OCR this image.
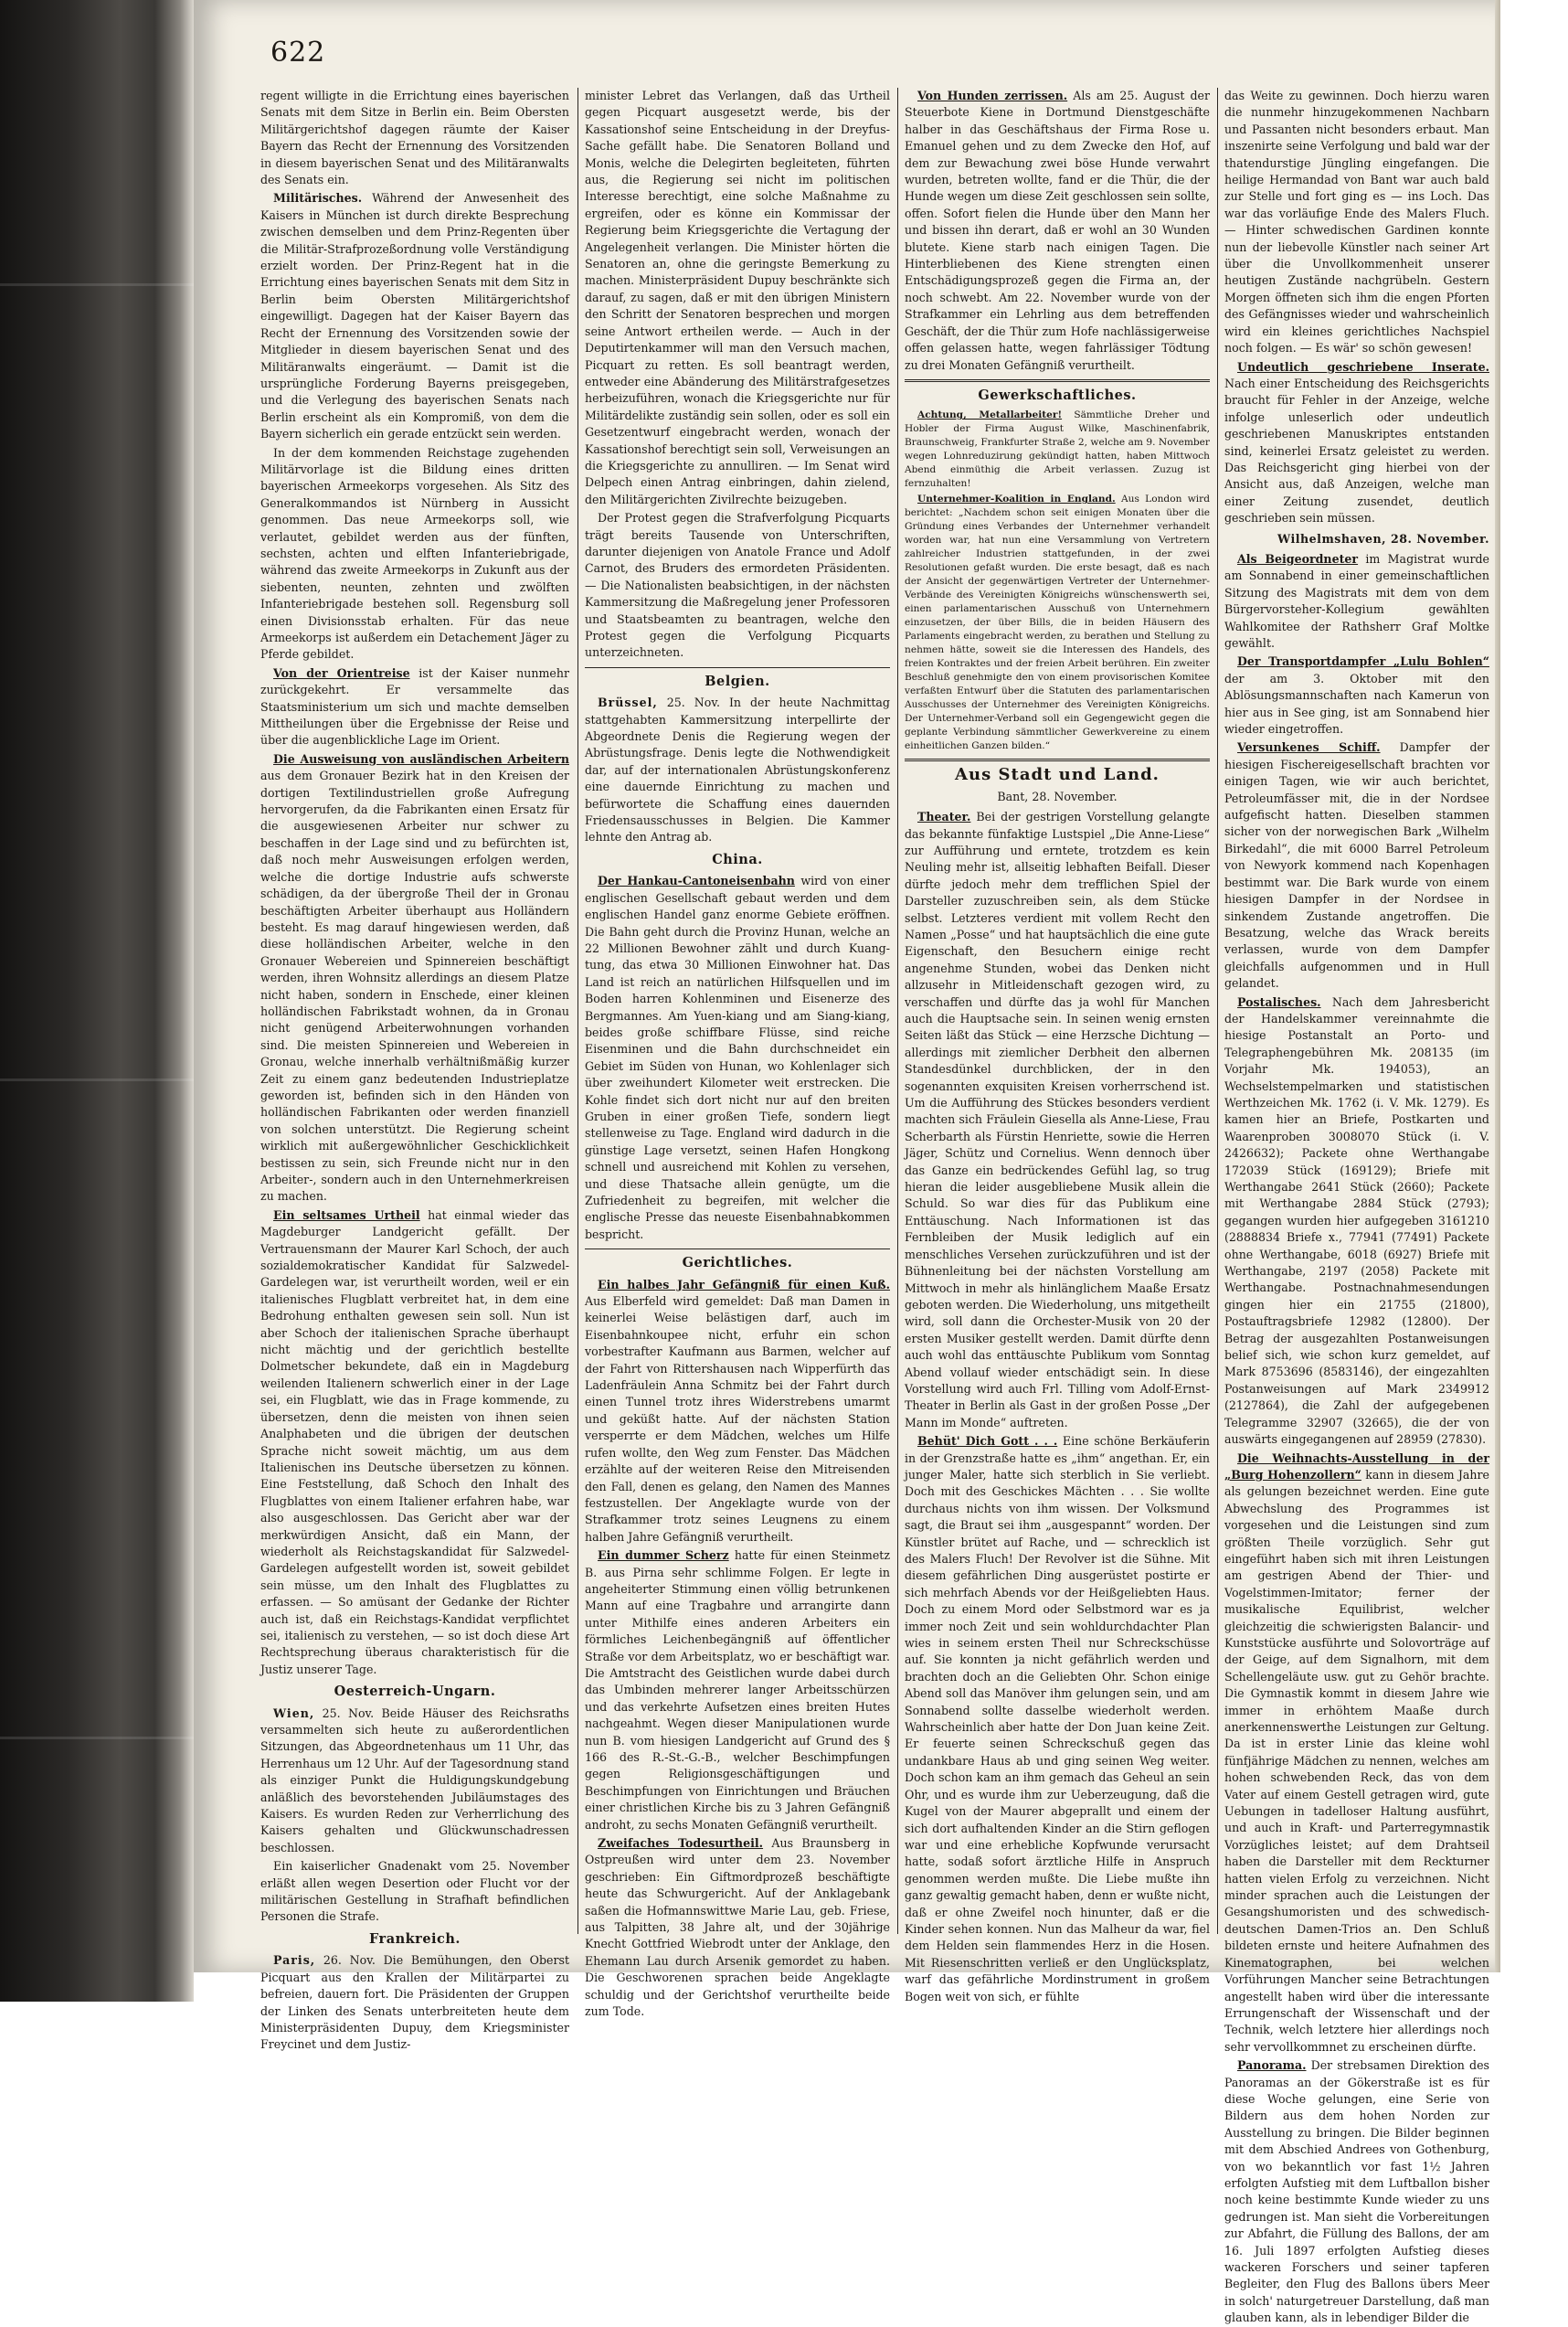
622

regent willigte in die Errichtung eines bayerischen Senats mit dem Sitze in Berlin ein. Beim Obersten Militärgerichtshof dagegen räumte der Kaiser Bayern das Recht der Ernennung des Vorsitzenden in diesem bayerischen Senat und des Militäranwalts des Senats ein.

Militärisches. Während der Anwesenheit des Kaisers in München ist durch direkte Besprechung zwischen demselben und dem Prinz-Regenten über die Militär-Strafprozeßordnung volle Verständigung erzielt worden. Der Prinz-Regent hat in die Errichtung eines bayerischen Senats mit dem Sitz in Berlin beim Obersten Militärgerichtshof eingewilligt. Dagegen hat der Kaiser Bayern das Recht der Ernennung des Vorsitzenden sowie der Mitglieder in diesem bayerischen Senat und des Militäranwalts eingeräumt. — Damit ist die ursprüngliche Forderung Bayerns preisgegeben, und die Verlegung des bayerischen Senats nach Berlin erscheint als ein Kompromiß, von dem die Bayern sicherlich ein gerade entzückt sein werden.

In der dem kommenden Reichstage zugehenden Militärvorlage ist die Bildung eines dritten bayerischen Armeekorps vorgesehen. Als Sitz des Generalkommandos ist Nürnberg in Aussicht genommen. Das neue Armeekorps soll, wie verlautet, gebildet werden aus der fünften, sechsten, achten und elften Infanteriebrigade, während das zweite Armeekorps in Zukunft aus der siebenten, neunten, zehnten und zwölften Infanteriebrigade bestehen soll. Regensburg soll einen Divisionsstab erhalten. Für das neue Armeekorps ist außerdem ein Detachement Jäger zu Pferde gebildet.

Von der Orientreise ist der Kaiser nunmehr zurückgekehrt. Er versammelte das Staatsministerium um sich und machte demselben Mittheilungen über die Ergebnisse der Reise und über die augenblickliche Lage im Orient.

Die Ausweisung von ausländischen Arbeitern aus dem Gronauer Bezirk hat in den Kreisen der dortigen Textilindustriellen große Aufregung hervorgerufen, da die Fabrikanten einen Ersatz für die ausgewiesenen Arbeiter nur schwer zu beschaffen in der Lage sind und zu befürchten ist, daß noch mehr Ausweisungen erfolgen werden, welche die dortige Industrie aufs schwerste schädigen, da der übergroße Theil der in Gronau beschäftigten Arbeiter überhaupt aus Holländern besteht. Es mag darauf hingewiesen werden, daß diese holländischen Arbeiter, welche in den Gronauer Webereien und Spinnereien beschäftigt werden, ihren Wohnsitz allerdings an diesem Platze nicht haben, sondern in Enschede, einer kleinen holländischen Fabrikstadt wohnen, da in Gronau nicht genügend Arbeiterwohnungen vorhanden sind. Die meisten Spinnereien und Webereien in Gronau, welche innerhalb verhältnißmäßig kurzer Zeit zu einem ganz bedeutenden Industrieplatze geworden ist, befinden sich in den Händen von holländischen Fabrikanten oder werden finanziell von solchen unterstützt. Die Regierung scheint wirklich mit außergewöhnlicher Geschicklichkeit bestissen zu sein, sich Freunde nicht nur in den Arbeiter-, sondern auch in den Unternehmerkreisen zu machen.

Ein seltsames Urtheil hat einmal wieder das Magdeburger Landgericht gefällt. Der Vertrauensmann der Maurer Karl Schoch, der auch sozialdemokratischer Kandidat für Salzwedel-Gardelegen war, ist verurtheilt worden, weil er ein italienisches Flugblatt verbreitet hat, in dem eine Bedrohung enthalten gewesen sein soll. Nun ist aber Schoch der italienischen Sprache überhaupt nicht mächtig und der gerichtlich bestellte Dolmetscher bekundete, daß ein in Magdeburg weilenden Italienern schwerlich einer in der Lage sei, ein Flugblatt, wie das in Frage kommende, zu übersetzen, denn die meisten von ihnen seien Analphabeten und die übrigen der deutschen Sprache nicht soweit mächtig, um aus dem Italienischen ins Deutsche übersetzen zu können. Eine Feststellung, daß Schoch den Inhalt des Flugblattes von einem Italiener erfahren habe, war also ausgeschlossen. Das Gericht aber war der merkwürdigen Ansicht, daß ein Mann, der wiederholt als Reichstagskandidat für Salzwedel-Gardelegen aufgestellt worden ist, soweit gebildet sein müsse, um den Inhalt des Flugblattes zu erfassen. — So amüsant der Gedanke der Richter auch ist, daß ein Reichstags-Kandidat verpflichtet sei, italienisch zu verstehen, — so ist doch diese Art Rechtsprechung überaus charakteristisch für die Justiz unserer Tage.

Oesterreich-Ungarn.

Wien, 25. Nov. Beide Häuser des Reichsraths versammelten sich heute zu außerordentlichen Sitzungen, das Abgeordnetenhaus um 11 Uhr, das Herrenhaus um 12 Uhr. Auf der Tagesordnung stand als einziger Punkt die Huldigungskundgebung anläßlich des bevorstehenden Jubiläumstages des Kaisers. Es wurden Reden zur Verherrlichung des Kaisers gehalten und Glückwunschadressen beschlossen.

Ein kaiserlicher Gnadenakt vom 25. November erläßt allen wegen Desertion oder Flucht vor der militärischen Gestellung in Strafhaft befindlichen Personen die Strafe.

Frankreich.

Paris, 26. Nov. Die Bemühungen, den Oberst Picquart aus den Krallen der Militärpartei zu befreien, dauern fort. Die Präsidenten der Gruppen der Linken des Senats unterbreiteten heute dem Ministerpräsidenten Dupuy, dem Kriegsminister Freycinet und dem Justiz-

minister Lebret das Verlangen, daß das Urtheil gegen Picquart ausgesetzt werde, bis der Kassationshof seine Entscheidung in der Dreyfus-Sache gefällt habe. Die Senatoren Bolland und Monis, welche die Delegirten begleiteten, führten aus, die Regierung sei nicht im politischen Interesse berechtigt, eine solche Maßnahme zu ergreifen, oder es könne ein Kommissar der Regierung beim Kriegsgerichte die Vertagung der Angelegenheit verlangen. Die Minister hörten die Senatoren an, ohne die geringste Bemerkung zu machen. Ministerpräsident Dupuy beschränkte sich darauf, zu sagen, daß er mit den übrigen Ministern den Schritt der Senatoren besprechen und morgen seine Antwort ertheilen werde. — Auch in der Deputirtenkammer will man den Versuch machen, Picquart zu retten. Es soll beantragt werden, entweder eine Abänderung des Militärstrafgesetzes herbeizuführen, wonach die Kriegsgerichte nur für Militärdelikte zuständig sein sollen, oder es soll ein Gesetzentwurf eingebracht werden, wonach der Kassationshof berechtigt sein soll, Verweisungen an die Kriegsgerichte zu annulliren. — Im Senat wird Delpech einen Antrag einbringen, dahin zielend, den Militärgerichten Zivilrechte beizugeben.

Der Protest gegen die Strafverfolgung Picquarts trägt bereits Tausende von Unterschriften, darunter diejenigen von Anatole France und Adolf Carnot, des Bruders des ermordeten Präsidenten. — Die Nationalisten beabsichtigen, in der nächsten Kammersitzung die Maßregelung jener Professoren und Staatsbeamten zu beantragen, welche den Protest gegen die Verfolgung Picquarts unterzeichneten.

Belgien.

Brüssel, 25. Nov. In der heute Nachmittag stattgehabten Kammersitzung interpellirte der Abgeordnete Denis die Regierung wegen der Abrüstungsfrage. Denis legte die Nothwendigkeit dar, auf der internationalen Abrüstungskonferenz eine dauernde Einrichtung zu machen und befürwortete die Schaffung eines dauernden Friedensausschusses in Belgien. Die Kammer lehnte den Antrag ab.

China.

Der Hankau-Cantoneisenbahn wird von einer englischen Gesellschaft gebaut werden und dem englischen Handel ganz enorme Gebiete eröffnen. Die Bahn geht durch die Provinz Hunan, welche an 22 Millionen Bewohner zählt und durch Kuang-tung, das etwa 30 Millionen Einwohner hat. Das Land ist reich an natürlichen Hilfsquellen und im Boden harren Kohlenminen und Eisenerze des Bergmannes. Am Yuen-kiang und am Siang-kiang, beides große schiffbare Flüsse, sind reiche Eisenminen und die Bahn durchschneidet ein Gebiet im Süden von Hunan, wo Kohlenlager sich über zweihundert Kilometer weit erstrecken. Die Kohle findet sich dort nicht nur auf den breiten Gruben in einer großen Tiefe, sondern liegt stellenweise zu Tage. England wird dadurch in die günstige Lage versetzt, seinen Hafen Hongkong schnell und ausreichend mit Kohlen zu versehen, und diese Thatsache allein genügte, um die Zufriedenheit zu begreifen, mit welcher die englische Presse das neueste Eisenbahnabkommen bespricht.

Gerichtliches.

Ein halbes Jahr Gefängniß für einen Kuß. Aus Elberfeld wird gemeldet: Daß man Damen in keinerlei Weise belästigen darf, auch im Eisenbahnkoupee nicht, erfuhr ein schon vorbestrafter Kaufmann aus Barmen, welcher auf der Fahrt von Rittershausen nach Wipperfürth das Ladenfräulein Anna Schmitz bei der Fahrt durch einen Tunnel trotz ihres Widerstrebens umarmt und geküßt hatte. Auf der nächsten Station versperrte er dem Mädchen, welches um Hilfe rufen wollte, den Weg zum Fenster. Das Mädchen erzählte auf der weiteren Reise den Mitreisenden den Fall, denen es gelang, den Namen des Mannes festzustellen. Der Angeklagte wurde von der Strafkammer trotz seines Leugnens zu einem halben Jahre Gefängniß verurtheilt.

Ein dummer Scherz hatte für einen Steinmetz B. aus Pirna sehr schlimme Folgen. Er legte in angeheiterter Stimmung einen völlig betrunkenen Mann auf eine Tragbahre und arrangirte dann unter Mithilfe eines anderen Arbeiters ein förmliches Leichenbegängniß auf öffentlicher Straße vor dem Arbeitsplatz, wo er beschäftigt war. Die Amtstracht des Geistlichen wurde dabei durch das Umbinden mehrerer langer Arbeitsschürzen und das verkehrte Aufsetzen eines breiten Hutes nachgeahmt. Wegen dieser Manipulationen wurde nun B. vom hiesigen Landgericht auf Grund des § 166 des R.-St.-G.-B., welcher Beschimpfungen gegen Religionsgeschäftigungen und Beschimpfungen von Einrichtungen und Bräuchen einer christlichen Kirche bis zu 3 Jahren Gefängniß androht, zu sechs Monaten Gefängniß verurtheilt.

Zweifaches Todesurtheil. Aus Braunsberg in Ostpreußen wird unter dem 23. November geschrieben: Ein Giftmordprozeß beschäftigte heute das Schwurgericht. Auf der Anklagebank saßen die Hofmannswittwe Marie Lau, geb. Friese, aus Talpitten, 38 Jahre alt, und der 30jährige Knecht Gottfried Wiebrodt unter der Anklage, den Ehemann Lau durch Arsenik gemordet zu haben. Die Geschworenen sprachen beide Angeklagte schuldig und der Gerichtshof verurtheilte beide zum Tode.

Von Hunden zerrissen. Als am 25. August der Steuerbote Kiene in Dortmund Dienstgeschäfte halber in das Geschäftshaus der Firma Rose u. Emanuel gehen und zu dem Zwecke den Hof, auf dem zur Bewachung zwei böse Hunde verwahrt wurden, betreten wollte, fand er die Thür, die der Hunde wegen um diese Zeit geschlossen sein sollte, offen. Sofort fielen die Hunde über den Mann her und bissen ihn derart, daß er wohl an 30 Wunden blutete. Kiene starb nach einigen Tagen. Die Hinterbliebenen des Kiene strengten einen Entschädigungsprozeß gegen die Firma an, der noch schwebt. Am 22. November wurde von der Strafkammer ein Lehrling aus dem betreffenden Geschäft, der die Thür zum Hofe nachlässigerweise offen gelassen hatte, wegen fahrlässiger Tödtung zu drei Monaten Gefängniß verurtheilt.

Gewerkschaftliches.

Achtung, Metallarbeiter! Sämmtliche Dreher und Hobler der Firma August Wilke, Maschinenfabrik, Braunschweig, Frankfurter Straße 2, welche am 9. November wegen Lohnreduzirung gekündigt hatten, haben Mittwoch Abend einmüthig die Arbeit verlassen. Zuzug ist fernzuhalten!

Unternehmer-Koalition in England. Aus London wird berichtet: „Nachdem schon seit einigen Monaten über die Gründung eines Verbandes der Unternehmer verhandelt worden war, hat nun eine Versammlung von Vertretern zahlreicher Industrien stattgefunden, in der zwei Resolutionen gefaßt wurden. Die erste besagt, daß es nach der Ansicht der gegenwärtigen Vertreter der Unternehmer-Verbände des Vereinigten Königreichs wünschenswerth sei, einen parlamentarischen Ausschuß von Unternehmern einzusetzen, der über Bills, die in beiden Häusern des Parlaments eingebracht werden, zu berathen und Stellung zu nehmen hätte, soweit sie die Interessen des Handels, des freien Kontraktes und der freien Arbeit berühren. Ein zweiter Beschluß genehmigte den von einem provisorischen Komitee verfaßten Entwurf über die Statuten des parlamentarischen Ausschusses der Unternehmer des Vereinigten Königreichs. Der Unternehmer-Verband soll ein Gegengewicht gegen die geplante Verbindung sämmtlicher Gewerkvereine zu einem einheitlichen Ganzen bilden.“

Aus Stadt und Land.
Bant, 28. November.

Theater. Bei der gestrigen Vorstellung gelangte das bekannte fünfaktige Lustspiel „Die Anne-Liese“ zur Aufführung und erntete, trotzdem es kein Neuling mehr ist, allseitig lebhaften Beifall. Dieser dürfte jedoch mehr dem trefflichen Spiel der Darsteller zuzuschreiben sein, als dem Stücke selbst. Letzteres verdient mit vollem Recht den Namen „Posse“ und hat hauptsächlich die eine gute Eigenschaft, den Besuchern einige recht angenehme Stunden, wobei das Denken nicht allzusehr in Mitleidenschaft gezogen wird, zu verschaffen und dürfte das ja wohl für Manchen auch die Hauptsache sein. In seinen wenig ernsten Seiten läßt das Stück — eine Herzsche Dichtung — allerdings mit ziemlicher Derbheit den albernen Standesdünkel durchblicken, der in den sogenannten exquisiten Kreisen vorherrschend ist. Um die Aufführung des Stückes besonders verdient machten sich Fräulein Giesella als Anne-Liese, Frau Scherbarth als Fürstin Henriette, sowie die Herren Jäger, Schütz und Cornelius. Wenn dennoch über das Ganze ein bedrückendes Gefühl lag, so trug hieran die leider ausgebliebene Musik allein die Schuld. So war dies für das Publikum eine Enttäuschung. Nach Informationen ist das Fernbleiben der Musik lediglich auf ein menschliches Versehen zurückzuführen und ist der Bühnenleitung bei der nächsten Vorstellung am Mittwoch in mehr als hinlänglichem Maaße Ersatz geboten werden. Die Wiederholung, uns mitgetheilt wird, soll dann die Orchester-Musik von 20 der ersten Musiker gestellt werden. Damit dürfte denn auch wohl das enttäuschte Publikum vom Sonntag Abend vollauf wieder entschädigt sein. In diese Vorstellung wird auch Frl. Tilling vom Adolf-Ernst-Theater in Berlin als Gast in der großen Posse „Der Mann im Monde“ auftreten.

Behüt' Dich Gott . . . Eine schöne Berkäuferin in der Grenzstraße hatte es „ihm“ angethan. Er, ein junger Maler, hatte sich sterblich in Sie verliebt. Doch mit des Geschickes Mächten . . . Sie wollte durchaus nichts von ihm wissen. Der Volksmund sagt, die Braut sei ihm „ausgespannt“ worden. Der Künstler brütet auf Rache, und — schrecklich ist des Malers Fluch! Der Revolver ist die Sühne. Mit diesem gefährlichen Ding ausgerüstet postirte er sich mehrfach Abends vor der Heißgeliebten Haus. Doch zu einem Mord oder Selbstmord war es ja immer noch Zeit und sein wohldurchdachter Plan wies in seinem ersten Theil nur Schreckschüsse auf. Sie konnten ja nicht gefährlich werden und brachten doch an die Geliebten Ohr. Schon einige Abend soll das Manöver ihm gelungen sein, und am Sonnabend sollte dasselbe wiederholt werden. Wahrscheinlich aber hatte der Don Juan keine Zeit. Er feuerte seinen Schreckschuß gegen das undankbare Haus ab und ging seinen Weg weiter. Doch schon kam an ihm gemach das Geheul an sein Ohr, und es wurde ihm zur Ueberzeugung, daß die Kugel von der Maurer abgeprallt und einem der sich dort aufhaltenden Kinder an die Stirn geflogen war und eine erhebliche Kopfwunde verursacht hatte, sodaß sofort ärztliche Hilfe in Anspruch genommen werden mußte. Die Liebe mußte ihn ganz gewaltig gemacht haben, denn er wußte nicht, daß er ohne Zweifel noch hinunter, daß er die Kinder sehen konnen. Nun das Malheur da war, fiel dem Helden sein flammendes Herz in die Hosen. Mit Riesenschritten verließ er den Unglücksplatz, warf das gefährliche Mordinstrument in großem Bogen weit von sich, er fühlte

das Weite zu gewinnen. Doch hierzu waren die nunmehr hinzugekommenen Nachbarn und Passanten nicht besonders erbaut. Man inszenirte seine Verfolgung und bald war der thatendurstige Jüngling eingefangen. Die heilige Hermandad von Bant war auch bald zur Stelle und fort ging es — ins Loch. Das war das vorläufige Ende des Malers Fluch. — Hinter schwedischen Gardinen konnte nun der liebevolle Künstler nach seiner Art über die Unvollkommenheit unserer heutigen Zustände nachgrübeln. Gestern Morgen öffneten sich ihm die engen Pforten des Gefängnisses wieder und wahrscheinlich wird ein kleines gerichtliches Nachspiel noch folgen. — Es wär' so schön gewesen!

Undeutlich geschriebene Inserate. Nach einer Entscheidung des Reichsgerichts braucht für Fehler in der Anzeige, welche infolge unleserlich oder undeutlich geschriebenen Manuskriptes entstanden sind, keinerlei Ersatz geleistet zu werden. Das Reichsgericht ging hierbei von der Ansicht aus, daß Anzeigen, welche man einer Zeitung zusendet, deutlich geschrieben sein müssen.

Wilhelmshaven, 28. November.

Als Beigeordneter im Magistrat wurde am Sonnabend in einer gemeinschaftlichen Sitzung des Magistrats mit dem von dem Bürgervorsteher-Kollegium gewählten Wahlkomitee der Rathsherr Graf Moltke gewählt.

Der Transportdampfer „Lulu Bohlen“ der am 3. Oktober mit den Ablösungsmannschaften nach Kamerun von hier aus in See ging, ist am Sonnabend hier wieder eingetroffen.

Versunkenes Schiff. Dampfer der hiesigen Fischereigesellschaft brachten vor einigen Tagen, wie wir auch berichtet, Petroleumfässer mit, die in der Nordsee aufgefischt hatten. Dieselben stammen sicher von der norwegischen Bark „Wilhelm Birkedahl“, die mit 6000 Barrel Petroleum von Newyork kommend nach Kopenhagen bestimmt war. Die Bark wurde von einem hiesigen Dampfer in der Nordsee in sinkendem Zustande angetroffen. Die Besatzung, welche das Wrack bereits verlassen, wurde von dem Dampfer gleichfalls aufgenommen und in Hull gelandet.

Postalisches. Nach dem Jahresbericht der Handelskammer vereinnahmte die hiesige Postanstalt an Porto- und Telegraphengebühren Mk. 208135 (im Vorjahr Mk. 194053), an Wechselstempelmarken und statistischen Werthzeichen Mk. 1762 (i. V. Mk. 1279). Es kamen hier an Briefe, Postkarten und Waarenproben 3008070 Stück (i. V. 2426632); Packete ohne Werthangabe 172039 Stück (169129); Briefe mit Werthangabe 2641 Stück (2660); Packete mit Werthangabe 2884 Stück (2793); gegangen wurden hier aufgegeben 3161210 (2888834 Briefe x., 77941 (77491) Packete ohne Werthangabe, 6018 (6927) Briefe mit Werthangabe, 2197 (2058) Packete mit Werthangabe. Postnachnahmesendungen gingen hier ein 21755 (21800), Postauftragsbriefe 12982 (12800). Der Betrag der ausgezahlten Postanweisungen belief sich, wie schon kurz gemeldet, auf Mark 8753696 (8583146), der eingezahlten Postanweisungen auf Mark 2349912 (2127864), die Zahl der aufgegebenen Telegramme 32907 (32665), die der von auswärts eingegangenen auf 28959 (27830).

Die Weihnachts-Ausstellung in der „Burg Hohenzollern“ kann in diesem Jahre als gelungen bezeichnet werden. Eine gute Abwechslung des Programmes ist vorgesehen und die Leistungen sind zum größten Theile vorzüglich. Sehr gut eingeführt haben sich mit ihren Leistungen am gestrigen Abend der Thier- und Vogelstimmen-Imitator; ferner der musikalische Equilibrist, welcher gleichzeitig die schwierigsten Balancir- und Kunststücke ausführte und Solovorträge auf der Geige, auf dem Signalhorn, mit dem Schellengeläute usw. gut zu Gehör brachte. Die Gymnastik kommt in diesem Jahre wie immer in erhöhtem Maaße durch anerkennenswerthe Leistungen zur Geltung. Da ist in erster Linie das kleine wohl fünfjährige Mädchen zu nennen, welches am hohen schwebenden Reck, das von dem Vater auf einem Gestell getragen wird, gute Uebungen in tadelloser Haltung ausführt, und auch in Kraft- und Parterregymnastik Vorzügliches leistet; auf dem Drahtseil haben die Darsteller mit dem Reckturner hatten vielen Erfolg zu verzeichnen. Nicht minder sprachen auch die Leistungen der Gesangshumoristen und des schwedisch-deutschen Damen-Trios an. Den Schluß bildeten ernste und heitere Aufnahmen des Kinematographen, bei welchen Vorführungen Mancher seine Betrachtungen angestellt haben wird über die interessante Errungenschaft der Wissenschaft und der Technik, welch letztere hier allerdings noch sehr vervollkommnet zu erscheinen dürfte.

Panorama. Der strebsamen Direktion des Panoramas an der Gökerstraße ist es für diese Woche gelungen, eine Serie von Bildern aus dem hohen Norden zur Ausstellung zu bringen. Die Bilder beginnen mit dem Abschied Andrees von Gothenburg, von wo bekanntlich vor fast 1½ Jahren erfolgten Aufstieg mit dem Luftballon bisher noch keine bestimmte Kunde wieder zu uns gedrungen ist. Man sieht die Vorbereitungen zur Abfahrt, die Füllung des Ballons, der am 16. Juli 1897 erfolgten Aufstieg dieses wackeren Forschers und seiner tapferen Begleiter, den Flug des Ballons übers Meer in solch' naturgetreuer Darstellung, daß man glauben kann, als in lebendiger Bilder die
